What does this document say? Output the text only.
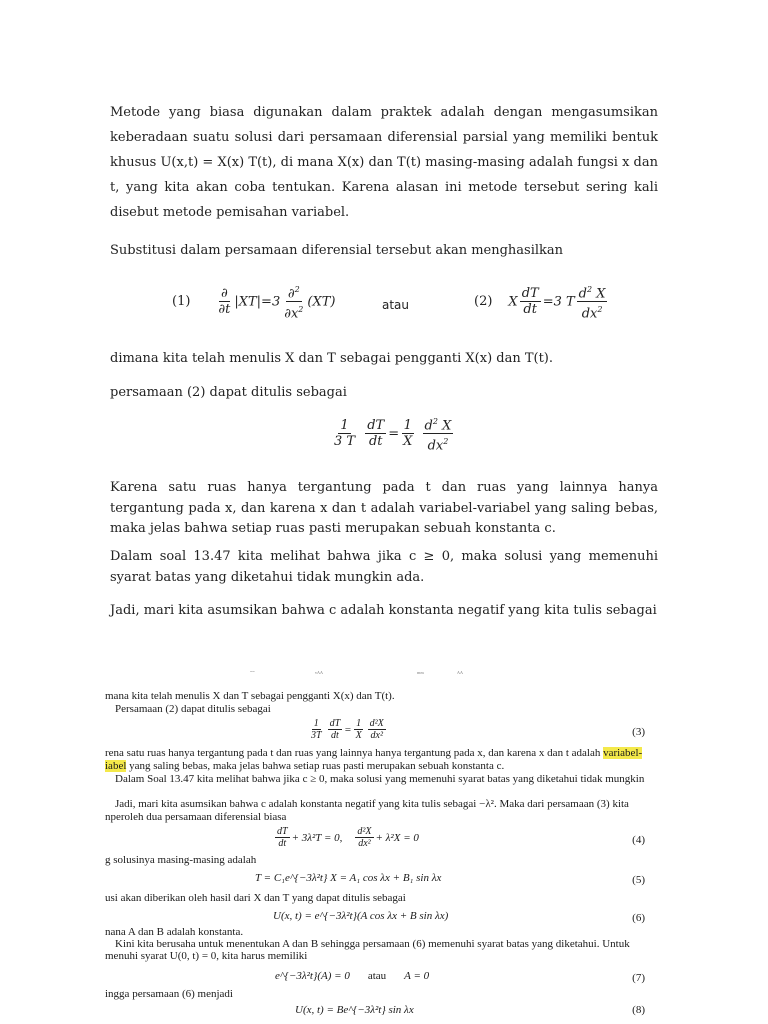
Metode yang biasa digunakan dalam praktek adalah dengan mengasumsikan keberadaan suatu solusi dari persamaan diferensial parsial yang memiliki bentuk khusus U(x,t) = X(x) T(t), di mana X(x) dan T(t) masing-masing adalah fungsi x dan t, yang kita akan coba tentukan. Karena alasan ini metode tersebut sering kali disebut metode pemisahan variabel.

Substitusi dalam persamaan diferensial tersebut akan menghasilkan

$(1) \frac{\partial}{\partial t} |XT|=3 \frac{\partial^2}{\partial x^2} (XT)$	atau	(2) X $\frac{dT}{dt} =3$ T $\frac{d^2 X}{dx^2}$

dimana kita telah menulis X dan T sebagai pengganti X(x) dan T(t).

persamaan (2) dapat ditulis sebagai

$\frac{1}{3 T}$
$\frac{dT}{dt} = \frac{1}{X}$
$\frac{d^2 X}{dx^2}$

Karena satu ruas hanya tergantung pada t dan ruas yang lainnya hanya tergantung pada x, dan karena x dan t adalah variabel-variabel yang saling bebas, maka jelas bahwa setiap ruas pasti merupakan sebuah konstanta c.

Dalam soal 13.47 kita melihat bahwa jika c ≥ 0, maka solusi yang memenuhi syarat batas yang diketahui tidak mungkin ada.

Jadi, mari kita asumsikan bahwa c adalah konstanta negatif yang kita tulis sebagai

ˉˉ	ᵛᴬᴬ	ᵐᵐ	ᴬᴬ
mana kita telah menulis X dan T sebagai pengganti X(x) dan T(t).
Persamaan (2) dapat ditulis sebagai
$\frac{1}{3T} \frac{dT}{dt} = \frac{1}{X} \frac{\text{d²X}}{\text{dx²}}$	(3)
rena satu ruas hanya tergantung pada t dan ruas yang lainnya hanya tergantung pada x, dan karena x dan t adalah variabel-
iabel yang saling bebas, maka jelas bahwa setiap ruas pasti merupakan sebuah konstanta c.
Dalam Soal 13.47 kita melihat bahwa jika c ≥ 0, maka solusi yang memenuhi syarat batas yang diketahui tidak mungkin
Jadi, mari kita asumsikan bahwa c adalah konstanta negatif yang kita tulis sebagai −λ². Maka dari persamaan (3) kita
nperoleh dua persamaan diferensial biasa
$\frac{dT}{dt} + 3\lambda^2T = 0$, $\frac{\text{d²X}}{\text{dx²}} + \lambda^2X = 0$	(4)
g solusinya masing-masing adalah
T = C₁e^{−3λ²t} X = A₁ cos λx + B₁ sin λx	(5)
usi akan diberikan oleh hasil dari X dan T yang dapat ditulis sebagai
U(x, t) = e^{−3λ²t}(A cos λx + B sin λx)	(6)
nana A dan B adalah konstanta.
Kini kita berusaha untuk menentukan A dan B sehingga persamaan (6) memenuhi syarat batas yang diketahui. Untuk
menuhi syarat U(0, t) = 0, kita harus memiliki
e^{−3λ²t}(A) = 0 atau A = 0	(7)
ingga persamaan (6) menjadi
U(x, t) = Be^{−3λ²t} sin λx	(8)
